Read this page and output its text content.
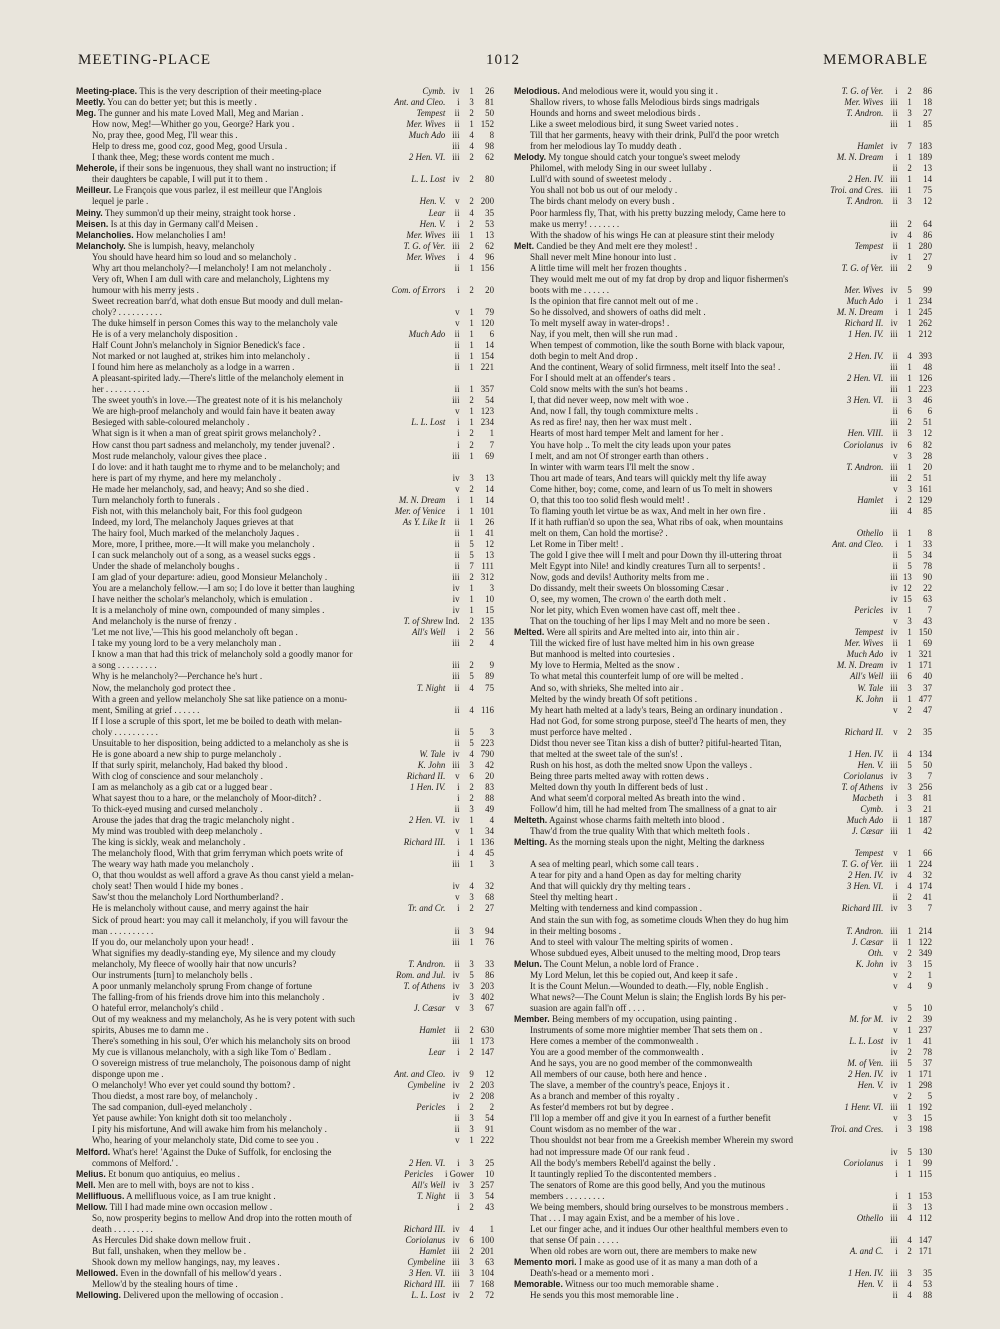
MEETING-PLACE	1012	MEMORABLE
Meeting-place. This is the very description of their meeting-place	Cymb. iv 1 26
Meetly. You can do better yet; but this is meetly .	Ant. and Cleo. i 3 81
Meg. The gunner and his mate Loved Mall, Meg and Marian .	Tempest ii 2 50
How now, Meg!—Whither go you, George? Hark you .	Mer. Wives ii 1 152
No, pray thee, good Meg, I'll wear this .	Much Ado iii 4 8
Help to dress me, good coz, good Meg, good Ursula .	iii 4 98
I thank thee, Meg; these words content me much .	2 Hen. VI. iii 2 62
Meherole, if their sons be ingenuous, they shall want no instruction; if
their daughters be capable, I will put it to them .	L. L. Lost iv 2 80
Meilleur. Le François que vous parlez, il est meilleur que l'Anglois
lequel je parle .	Hen. V. v 2 200
Meiny. They summon'd up their meiny, straight took horse .	Lear ii 4 35
Meisen. Is at this day in Germany call'd Meisen .	Hen. V. i 2 53
Melancholies. How melancholies I am!	Mer. Wives iii 1 13
Melancholy. She is lumpish, heavy, melancholy	T. G. of Ver. iii 2 62
You should have heard him so loud and so melancholy .	Mer. Wives i 4 96
Why art thou melancholy?—I melancholy! I am not melancholy .	ii 1 156
Very oft, When I am dull with care and melancholy, Lightens my
humour with his merry jests .	Com. of Errors i 2 20
Sweet recreation barr'd, what doth ensue But moody and dull melan-
choly? . . . . . . . . . .	v 1 79
The duke himself in person Comes this way to the melancholy vale	v 1 120
He is of a very melancholy disposition .	Much Ado ii 1 6
Half Count John's melancholy in Signior Benedick's face .	ii 1 14
Not marked or not laughed at, strikes him into melancholy .	ii 1 154
I found him here as melancholy as a lodge in a warren .	ii 1 221
A pleasant-spirited lady.—There's little of the melancholy element in
her . . . . . . . . . .	ii 1 357
The sweet youth's in love.—The greatest note of it is his melancholy	iii 2 54
We are high-proof melancholy and would fain have it beaten away	v 1 123
Besieged with sable-coloured melancholy .	L. L. Lost i 1 234
What sign is it when a man of great spirit grows melancholy? .	i 2 1
How canst thou part sadness and melancholy, my tender juvenal? .	i 2 7
Most rude melancholy, valour gives thee place .	iii 1 69
I do love: and it hath taught me to rhyme and to be melancholy; and
here is part of my rhyme, and here my melancholy .	iv 3 13
He made her melancholy, sad, and heavy; And so she died .	v 2 14
Turn melancholy forth to funerals .	M. N. Dream i 1 14
Fish not, with this melancholy bait, For this fool gudgeon	Mer. of Venice i 1 101
Indeed, my lord, The melancholy Jaques grieves at that	As Y. Like It ii 1 26
The hairy fool, Much marked of the melancholy Jaques .	ii 1 41
More, more, I prithee, more.—It will make you melancholy .	ii 5 12
I can suck melancholy out of a song, as a weasel sucks eggs .	ii 5 13
Under the shade of melancholy boughs .	ii 7 111
I am glad of your departure: adieu, good Monsieur Melancholy .	iii 2 312
You are a melancholy fellow.—I am so; I do love it better than laughing	iv 1 3
I have neither the scholar's melancholy, which is emulation .	iv 1 10
It is a melancholy of mine own, compounded of many simples .	iv 1 15
And melancholy is the nurse of frenzy .	T. of Shrew Ind. 2 135
'Let me not live,'—This his good melancholy oft began .	All's Well i 2 56
I take my young lord to be a very melancholy man .	iii 2 4
I know a man that had this trick of melancholy sold a goodly manor for
a song . . . . . . . . .	iii 2 9
Why is he melancholy?—Perchance he's hurt .	iii 5 89
Now, the melancholy god protect thee .	T. Night ii 4 75
With a green and yellow melancholy She sat like patience on a monu-
ment, Smiling at grief . . . . . .	ii 4 116
If I lose a scruple of this sport, let me be boiled to death with melan-
choly . . . . . . . . . .	ii 5 3
Unsuitable to her disposition, being addicted to a melancholy as she is	ii 5 223
He is gone aboard a new ship to purge melancholy .	W. Tale iv 4 790
If that surly spirit, melancholy, Had baked thy blood .	K. John iii 3 42
With clog of conscience and sour melancholy .	Richard II. v 6 20
I am as melancholy as a gib cat or a lugged bear .	1 Hen. IV. i 2 83
What sayest thou to a hare, or the melancholy of Moor-ditch? .	i 2 88
To thick-eyed musing and cursed melancholy .	ii 3 49
Arouse the jades that drag the tragic melancholy night .	2 Hen. VI. iv 1 4
My mind was troubled with deep melancholy .	v 1 34
The king is sickly, weak and melancholy .	Richard III. i 1 136
The melancholy flood, With that grim ferryman which poets write of	i 4 45
The weary way hath made you melancholy .	iii 1 3
O, that thou wouldst as well afford a grave As thou canst yield a melan-
choly seat! Then would I hide my bones .	iv 4 32
Saw'st thou the melancholy Lord Northumberland? .	v 3 68
He is melancholy without cause, and merry against the hair	Tr. and Cr. i 2 27
Sick of proud heart: you may call it melancholy, if you will favour the
man . . . . . . . . . .	ii 3 94
If you do, our melancholy upon your head! .	iii 1 76
What signifies my deadly-standing eye, My silence and my cloudy
melancholy, My fleece of woolly hair that now uncurls?	T. Andron. ii 3 33
Our instruments [turn] to melancholy bells .	Rom. and Jul. iv 5 86
A poor unmanly melancholy sprung From change of fortune	T. of Athens iv 3 203
The falling-from of his friends drove him into this melancholy .	iv 3 402
O hateful error, melancholy's child .	J. Cæsar v 3 67
Out of my weakness and my melancholy, As he is very potent with such
spirits, Abuses me to damn me .	Hamlet ii 2 630
There's something in his soul, O'er which his melancholy sits on brood	iii 1 173
My cue is villanous melancholy, with a sigh like Tom o' Bedlam .	Lear i 2 147
O sovereign mistress of true melancholy, The poisonous damp of night
disponge upon me .	Ant. and Cleo. iv 9 12
O melancholy! Who ever yet could sound thy bottom? .	Cymbeline iv 2 203
Thou diedst, a most rare boy, of melancholy .	iv 2 208
The sad companion, dull-eyed melancholy .	Pericles i 2 2
Yet pause awhile: Yon knight doth sit too melancholy .	ii 3 54
I pity his misfortune, And will awake him from his melancholy .	ii 3 91
Who, hearing of your melancholy state, Did come to see you .	v 1 222
Melford. What's here! 'Against the Duke of Suffolk, for enclosing the
commons of Melford.' .	2 Hen. VI. i 3 25
Melius. Et bonum quo antiquius, eo melius .	Pericles i Gower 10
Mell. Men are to mell with, boys are not to kiss .	All's Well iv 3 257
Mellifluous. A mellifluous voice, as I am true knight .	T. Night ii 3 54
Mellow. Till I had made mine own occasion mellow .	i 2 43
So, now prosperity begins to mellow And drop into the rotten mouth of
death . . . . . . . . .	Richard III. iv 4 1
As Hercules Did shake down mellow fruit .	Coriolanus iv 6 100
But fall, unshaken, when they mellow be .	Hamlet iii 2 201
Shook down my mellow hangings, nay, my leaves .	Cymbeline iii 3 63
Mellowed. Even in the downfall of his mellow'd years .	3 Hen. VI. iii 3 104
Mellow'd by the stealing hours of time .	Richard III. iii 7 168
Mellowing. Delivered upon the mellowing of occasion .	L. L. Lost iv 2 72
Melodious. And melodious were it, would you sing it .	T. G. of Ver. i 2 86
Shallow rivers, to whose falls Melodious birds sings madrigals	Mer. Wives iii 1 18
Hounds and horns and sweet melodious birds .	T. Andron. ii 3 27
Like a sweet melodious bird, it sung Sweet varied notes .	iii 1 85
Till that her garments, heavy with their drink, Pull'd the poor wretch
from her melodious lay To muddy death .	Hamlet iv 7 183
Melody. My tongue should catch your tongue's sweet melody	M. N. Dream i 1 189
Philomel, with melody Sing in our sweet lullaby .	ii 2 13
Lull'd with sound of sweetest melody .	2 Hen. IV. iii 1 14
You shall not bob us out of our melody .	Troi. and Cres. iii 1 75
The birds chant melody on every bush .	T. Andron. ii 3 12
Poor harmless fly, That, with his pretty buzzing melody, Came here to
make us merry! . . . . . . .	iii 2 64
With the shadow of his wings He can at pleasure stint their melody	iv 4 86
Melt. Candied be they And melt ere they molest! .	Tempest ii 1 280
Shall never melt Mine honour into lust .	iv 1 27
A little time will melt her frozen thoughts .	T. G. of Ver. iii 2 9
They would melt me out of my fat drop by drop and liquor fishermen's
boots with me . . . . . .	Mer. Wives iv 5 99
Is the opinion that fire cannot melt out of me .	Much Ado i 1 234
So he dissolved, and showers of oaths did melt .	M. N. Dream i 1 245
To melt myself away in water-drops! .	Richard II. iv 1 262
Nay, if you melt, then will she run mad .	1 Hen. IV. iii 1 212
When tempest of commotion, like the south Borne with black vapour,
doth begin to melt And drop .	2 Hen. IV. ii 4 393
And the continent, Weary of solid firmness, melt itself Into the sea! .	iii 1 48
For I should melt at an offender's tears .	2 Hen. VI. iii 1 126
Cold snow melts with the sun's hot beams .	iii 1 223
I, that did never weep, now melt with woe .	3 Hen. VI. ii 3 46
And, now I fall, thy tough commixture melts .	ii 6 6
As red as fire! nay, then her wax must melt .	iii 2 51
Hearts of most hard temper Melt and lament for her .	Hen. VIII. ii 3 12
You have holp .. To melt the city leads upon your pates	Coriolanus iv 6 82
I melt, and am not Of stronger earth than others .	v 3 28
In winter with warm tears I'll melt the snow .	T. Andron. iii 1 20
Thou art made of tears, And tears will quickly melt thy life away	iii 2 51
Come hither, boy; come, come, and learn of us To melt in showers	v 3 161
O, that this too too solid flesh would melt! .	Hamlet i 2 129
To flaming youth let virtue be as wax, And melt in her own fire .	iii 4 85
If it hath ruffian'd so upon the sea, What ribs of oak, when mountains
melt on them, Can hold the mortise? .	Othello ii 1 8
Let Rome in Tiber melt! .	Ant. and Cleo. i 1 33
The gold I give thee will I melt and pour Down thy ill-uttering throat	ii 5 34
Melt Egypt into Nile! and kindly creatures Turn all to serpents! .	ii 5 78
Now, gods and devils! Authority melts from me .	iii 13 90
Do dissandy, melt their sweets On blossoming Cæsar .	iv 12 22
O, see, my women, The crown o' the earth doth melt .	iv 15 63
Nor let pity, which Even women have cast off, melt thee .	Pericles iv 1 7
That on the touching of her lips I may Melt and no more be seen .	v 3 43
Melted. Were all spirits and Are melted into air, into thin air .	Tempest iv 1 150
Till the wicked fire of lust have melted him in his own grease	Mer. Wives ii 1 69
But manhood is melted into courtesies .	Much Ado iv 1 321
My love to Hermia, Melted as the snow .	M. N. Dream iv 1 171
To what metal this counterfeit lump of ore will be melted .	All's Well iii 6 40
And so, with shrieks, She melted into air .	W. Tale iii 3 37
Melted by the windy breath Of soft petitions .	K. John ii 1 477
My heart hath melted at a lady's tears, Being an ordinary inundation .	v 2 47
Had not God, for some strong purpose, steel'd The hearts of men, they
must perforce have melted .	Richard II. v 2 35
Didst thou never see Titan kiss a dish of butter? pitiful-hearted Titan,
that melted at the sweet tale of the sun's! .	1 Hen. IV. ii 4 134
Rush on his host, as doth the melted snow Upon the valleys .	Hen. V. iii 5 50
Being three parts melted away with rotten dews .	Coriolanus iv 3 7
Melted down thy youth In different beds of lust .	T. of Athens iv 3 256
And what seem'd corporal melted As breath into the wind .	Macbeth i 3 81
Follow'd him, till he had melted from The smallness of a gnat to air	Cymb. i 3 21
Melteth. Against whose charms faith melteth into blood .	Much Ado ii 1 187
Thaw'd from the true quality With that which melteth fools .	J. Cæsar iii 1 42
Melting. As the morning steals upon the night, Melting the darkness
Tempest v 1 66
A sea of melting pearl, which some call tears .	T. G. of Ver. iii 1 224
A tear for pity and a hand Open as day for melting charity	2 Hen. IV. iv 4 32
And that will quickly dry thy melting tears .	3 Hen. VI. i 4 174
Steel thy melting heart .	ii 2 41
Melting with tenderness and kind compassion .	Richard III. iv 3 7
And stain the sun with fog, as sometime clouds When they do hug him
in their melting bosoms .	T. Andron. iii 1 214
And to steel with valour The melting spirits of women .	J. Cæsar ii 1 122
Whose subdued eyes, Albeit unused to the melting mood, Drop tears	Oth. v 2 349
Melun. The Count Melun, a noble lord of France .	K. John iv 3 15
My Lord Melun, let this be copied out, And keep it safe .	v 2 1
It is the Count Melun.—Wounded to death.—Fly, noble English .	v 4 9
What news?—The Count Melun is slain; the English lords By his per-
suasion are again fall'n off . . . .	v 5 10
Member. Being members of my occupation, using painting .	M. for M. iv 2 39
Instruments of some more mightier member That sets them on .	v 1 237
Here comes a member of the commonwealth .	L. L. Lost iv 1 41
You are a good member of the commonwealth .	iv 2 78
And he says, you are no good member of the commonwealth	M. of Ven. iii 5 37
All members of our cause, both here and hence .	2 Hen. IV. iv 1 171
The slave, a member of the country's peace, Enjoys it .	Hen. V. iv 1 298
As a branch and member of this royalty .	v 2 5
As fester'd members rot but by degree .	1 Henr. VI. iii 1 192
I'll lop a member off and give it you In earnest of a further benefit	v 3 15
Count wisdom as no member of the war .	Troi. and Cres. i 3 198
Thou shouldst not bear from me a Greekish member Wherein my sword
had not impressure made Of our rank feud .	iv 5 130
All the body's members Rebell'd against the belly .	Coriolanus i 1 99
It tauntingly replied To the discontented members .	i 1 115
The senators of Rome are this good belly, And you the mutinous
members . . . . . . . . .	i 1 153
We being members, should bring ourselves to be monstrous members .	ii 3 13
That . . . I may again Exist, and be a member of his love .	Othello iii 4 112
Let our finger ache, and it indues Our other healthful members even to
that sense Of pain . . . . .	iii 4 147
When old robes are worn out, there are members to make new	A. and C. i 2 171
Memento mori. I make as good use of it as many a man doth of a
Death's-head or a memento mori .	1 Hen. IV. iii 3 35
Memorable. Witness our too much memorable shame .	Hen. V. ii 4 53
He sends you this most memorable line .	ii 4 88
